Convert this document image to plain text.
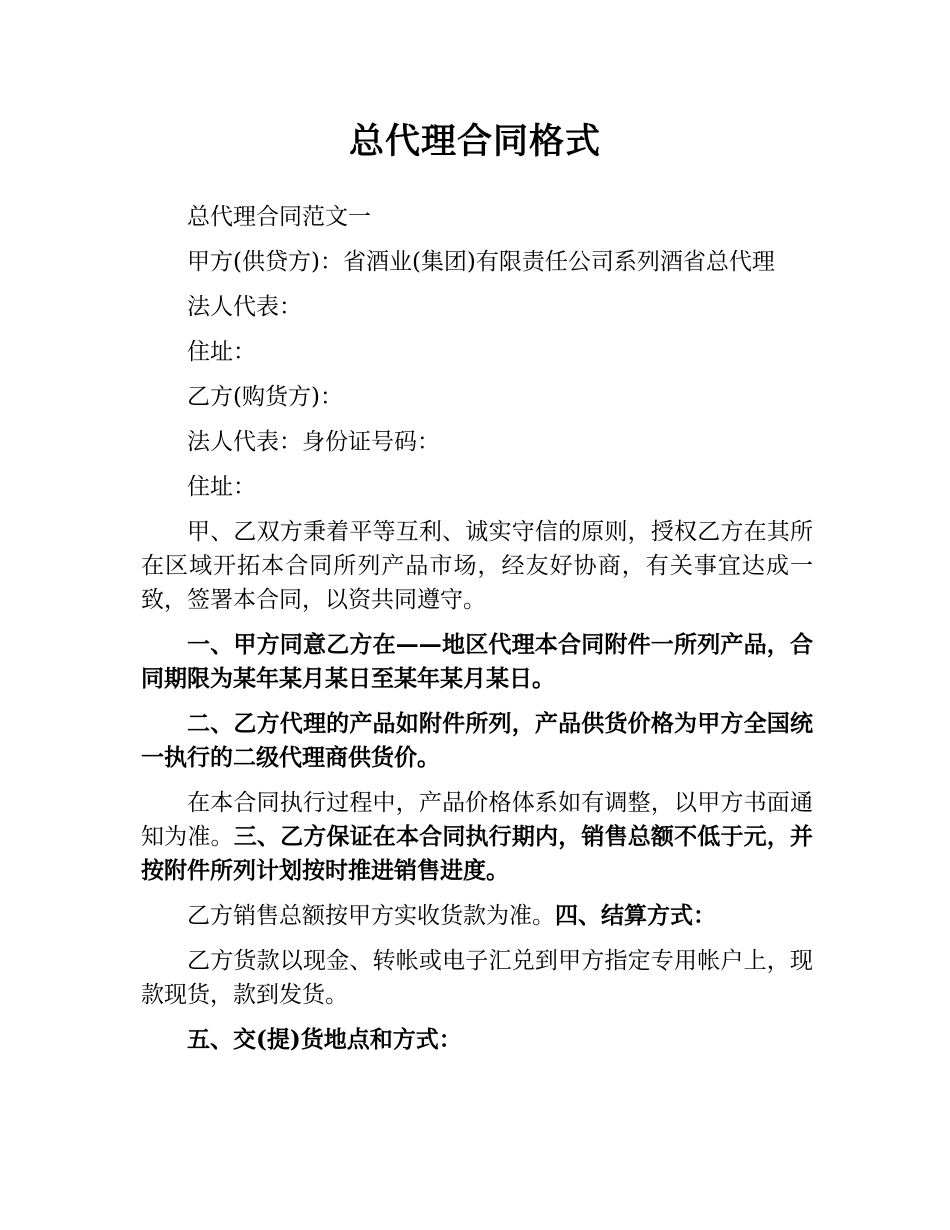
总代理合同格式

总代理合同范文一

甲方(供贷方)：省酒业(集团)有限责任公司系列酒省总代理

法人代表：

住址：

乙方(购货方)：

法人代表：身份证号码：

住址：

甲、乙双方秉着平等互利、诚实守信的原则，授权乙方在其所在区域开拓本合同所列产品市场，经友好协商，有关事宜达成一致，签署本合同，以资共同遵守。

一、甲方同意乙方在——地区代理本合同附件一所列产品，合同期限为某年某月某日至某年某月某日。

二、乙方代理的产品如附件所列，产品供货价格为甲方全国统一执行的二级代理商供货价。

在本合同执行过程中，产品价格体系如有调整，以甲方书面通知为准。三、乙方保证在本合同执行期内，销售总额不低于元，并按附件所列计划按时推进销售进度。

乙方销售总额按甲方实收货款为准。四、结算方式：

乙方货款以现金、转帐或电子汇兑到甲方指定专用帐户上，现款现货，款到发货。

五、交(提)货地点和方式：
